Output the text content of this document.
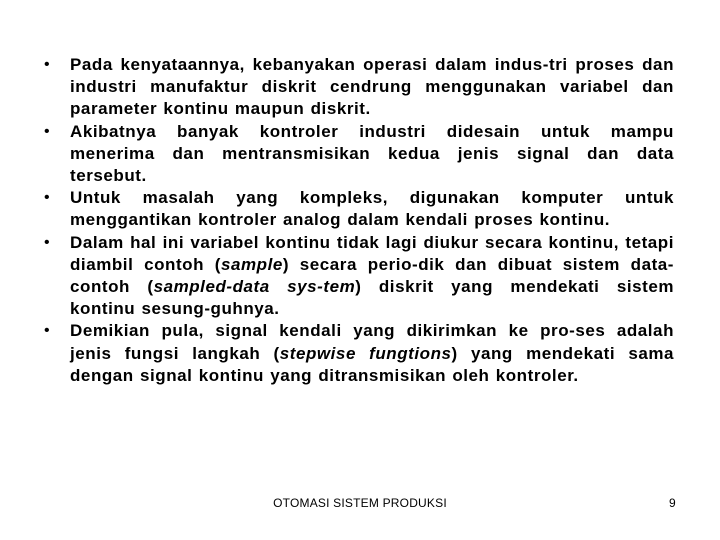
• Pada kenyataannya, kebanyakan operasi dalam indus-tri proses dan industri manufaktur diskrit cendrung menggunakan variabel dan parameter kontinu maupun diskrit.
• Akibatnya banyak kontroler industri didesain untuk mampu menerima dan mentransmisikan kedua jenis signal dan data tersebut.
• Untuk masalah yang kompleks, digunakan komputer untuk menggantikan kontroler analog dalam kendali proses kontinu.
• Dalam hal ini variabel kontinu tidak lagi diukur secara kontinu, tetapi diambil contoh (sample) secara perio-dik dan dibuat sistem data-contoh (sampled-data sys-tem) diskrit yang mendekati sistem kontinu sesung-guhnya.
• Demikian pula, signal kendali yang dikirimkan ke pro-ses adalah jenis fungsi langkah (stepwise fungtions) yang mendekati sama dengan signal kontinu yang ditransmisikan oleh kontroler.
OTOMASI SISTEM PRODUKSI	9
